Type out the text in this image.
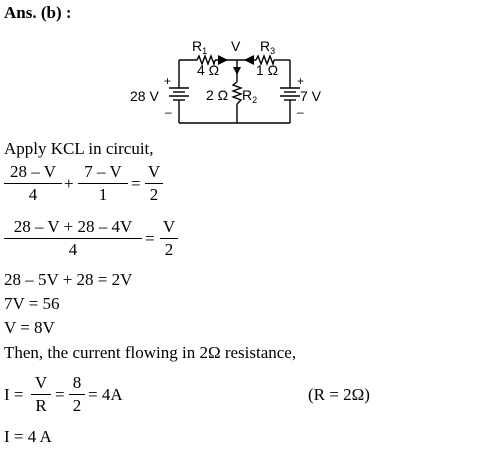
Ans. (b) :
$R_1$
4 Ω
V $R_3$
1 Ω
2 Ω $R_2$
28 V	7 V
+
–
+
–
Apply KCL in circuit,
28 – V
4
+
7 – V
1
=
V
2
28 – V + 28 – 4V
4
=
V
2
28 – 5V + 28 = 2V
7V = 56
V = 8V
Then, the current flowing in 2Ω resistance,
I =
V
R
=
8
2
= 4A	(R = 2Ω)
I = 4 A
